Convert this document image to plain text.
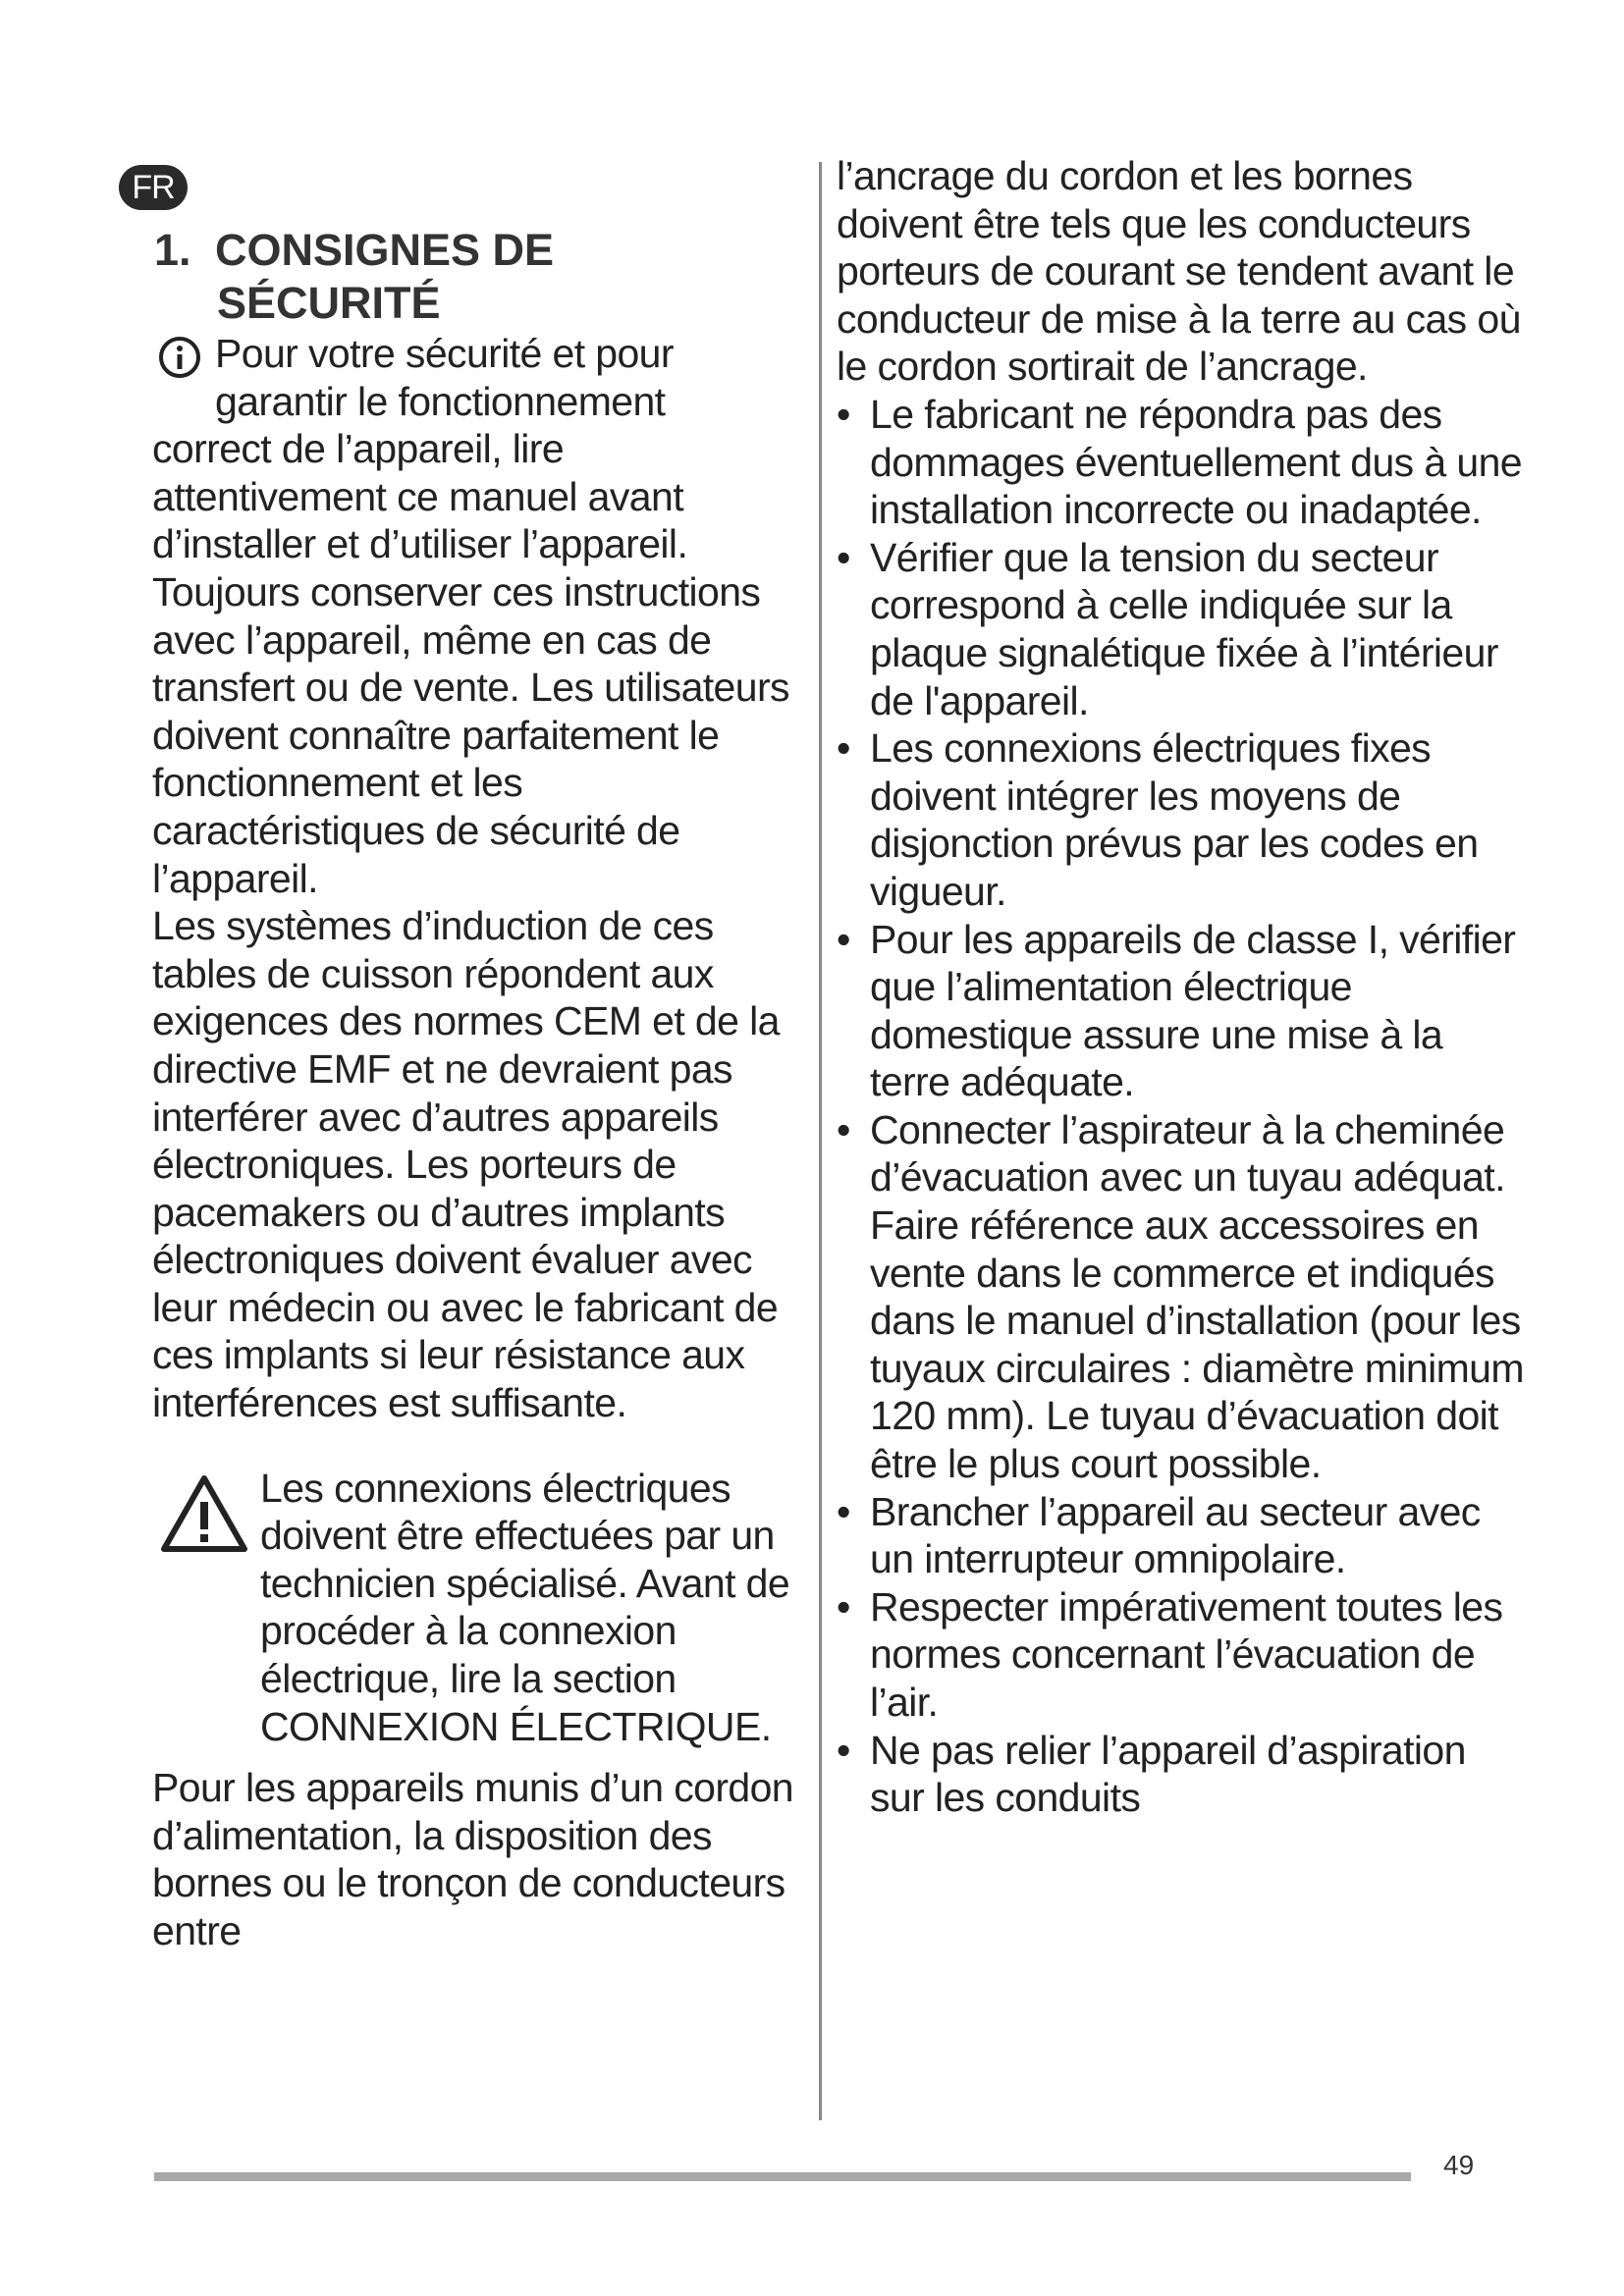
FR
1. CONSIGNES DE
SÉCURITÉ

Pour votre sécurité et pour
garantir le fonctionnement
correct de l’appareil, lire attentivement ce manuel avant d’installer et d’utiliser l’appareil. Toujours conserver ces instructions avec l’appareil, même en cas de transfert ou de vente. Les utilisateurs doivent connaître parfaitement le fonctionnement et les caractéristiques de sécurité de l’appareil.

Les systèmes d’induction de ces tables de cuisson répondent aux exigences des normes CEM et de la directive EMF et ne devraient pas interférer avec d’autres appareils électroniques. Les porteurs de pacemakers ou d’autres implants électroniques doivent évaluer avec leur médecin ou avec le fabricant de ces implants si leur résistance aux interférences est suffisante.

Les connexions électriques doivent être effectuées par un technicien spécialisé. Avant de procéder à la connexion électrique, lire la section CONNEXION ÉLECTRIQUE.

Pour les appareils munis d’un cordon d’alimentation, la disposition des bornes ou le tronçon de conducteurs entre

l’ancrage du cordon et les bornes doivent être tels que les conducteurs porteurs de courant se tendent avant le conducteur de mise à la terre au cas où le cordon sortirait de l’ancrage.

• Le fabricant ne répondra pas des dommages éventuellement dus à une installation incorrecte ou inadaptée.
• Vérifier que la tension du secteur correspond à celle indiquée sur la plaque signalétique fixée à l’intérieur de l'appareil.
• Les connexions électriques fixes doivent intégrer les moyens de disjonction prévus par les codes en vigueur.
• Pour les appareils de classe I, vérifier que l’alimentation électrique domestique assure une mise à la terre adéquate.
• Connecter l’aspirateur à la cheminée d’évacuation avec un tuyau adéquat. Faire référence aux accessoires en vente dans le commerce et indiqués dans le manuel d’installation (pour les tuyaux circulaires : diamètre minimum 120 mm). Le tuyau d’évacuation doit être le plus court possible.
• Brancher l’appareil au secteur avec un interrupteur omnipolaire.
• Respecter impérativement toutes les normes concernant l’évacuation de l’air.
• Ne pas relier l’appareil d’aspiration sur les conduits
49
